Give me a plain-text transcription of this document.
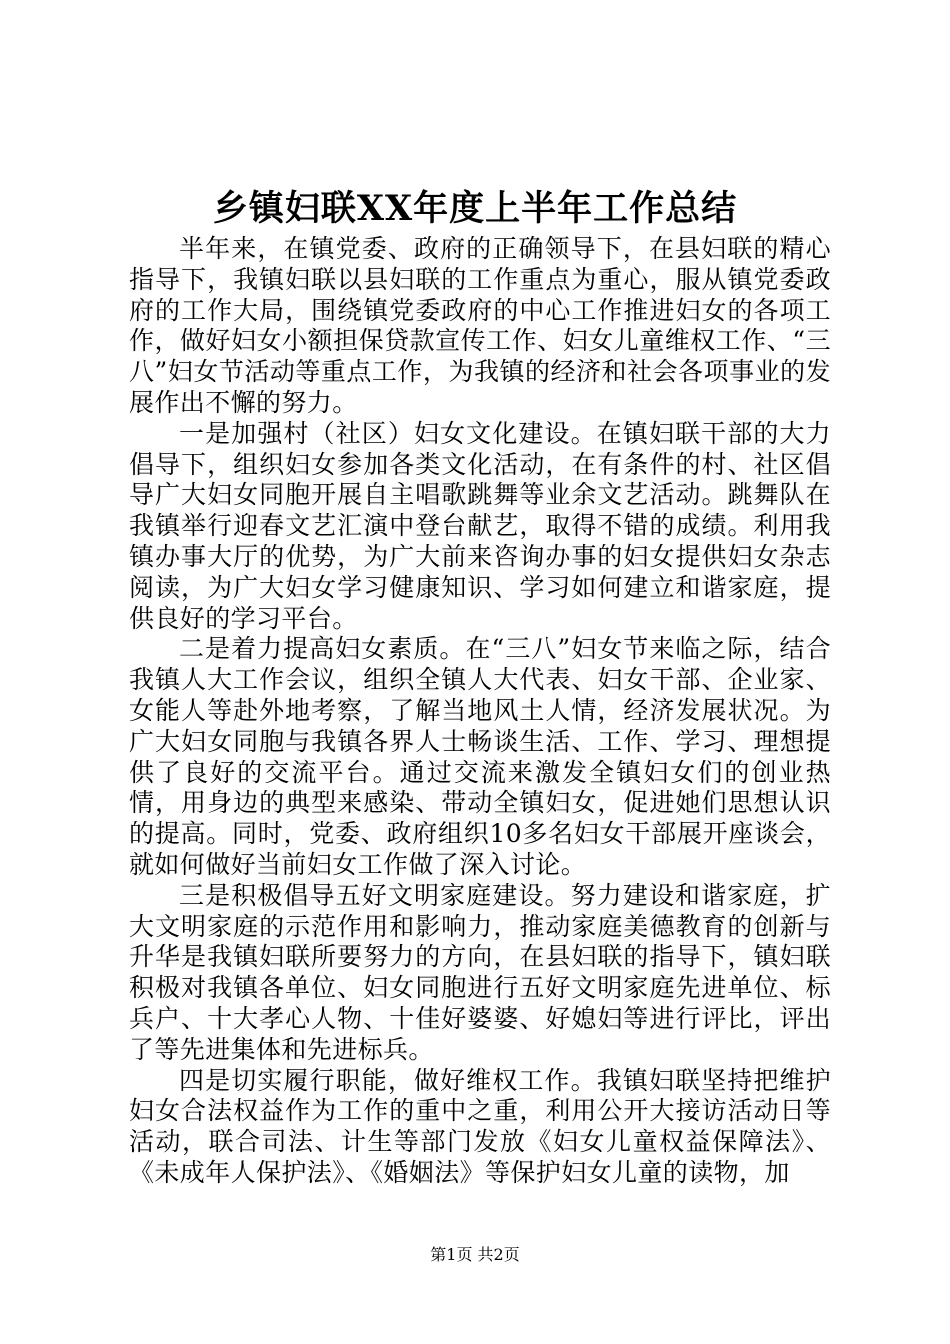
乡镇妇联XX年度上半年工作总结

半年来，在镇党委、政府的正确领导下，在县妇联的精心指导下，我镇妇联以县妇联的工作重点为重心，服从镇党委政府的工作大局，围绕镇党委政府的中心工作推进妇女的各项工作，做好妇女小额担保贷款宣传工作、妇女儿童维权工作、“三八”妇女节活动等重点工作，为我镇的经济和社会各项事业的发展作出不懈的努力。

一是加强村（社区）妇女文化建设。在镇妇联干部的大力倡导下，组织妇女参加各类文化活动，在有条件的村、社区倡导广大妇女同胞开展自主唱歌跳舞等业余文艺活动。跳舞队在我镇举行迎春文艺汇演中登台献艺，取得不错的成绩。利用我镇办事大厅的优势，为广大前来咨询办事的妇女提供妇女杂志阅读，为广大妇女学习健康知识、学习如何建立和谐家庭，提供良好的学习平台。

二是着力提高妇女素质。在“三八”妇女节来临之际，结合我镇人大工作会议，组织全镇人大代表、妇女干部、企业家、女能人等赴外地考察，了解当地风土人情，经济发展状况。为广大妇女同胞与我镇各界人士畅谈生活、工作、学习、理想提供了良好的交流平台。通过交流来激发全镇妇女们的创业热情，用身边的典型来感染、带动全镇妇女，促进她们思想认识的提高。同时，党委、政府组织10多名妇女干部展开座谈会，就如何做好当前妇女工作做了深入讨论。

三是积极倡导五好文明家庭建设。努力建设和谐家庭，扩大文明家庭的示范作用和影响力，推动家庭美德教育的创新与升华是我镇妇联所要努力的方向，在县妇联的指导下，镇妇联积极对我镇各单位、妇女同胞进行五好文明家庭先进单位、标兵户、十大孝心人物、十佳好婆婆、好媳妇等进行评比，评出了等先进集体和先进标兵。

四是切实履行职能，做好维权工作。我镇妇联坚持把维护妇女合法权益作为工作的重中之重，利用公开大接访活动日等活动，联合司法、计生等部门发放《妇女儿童权益保障法》、《未成年人保护法》、《婚姻法》等保护妇女儿童的读物，加

第1页 共2页
